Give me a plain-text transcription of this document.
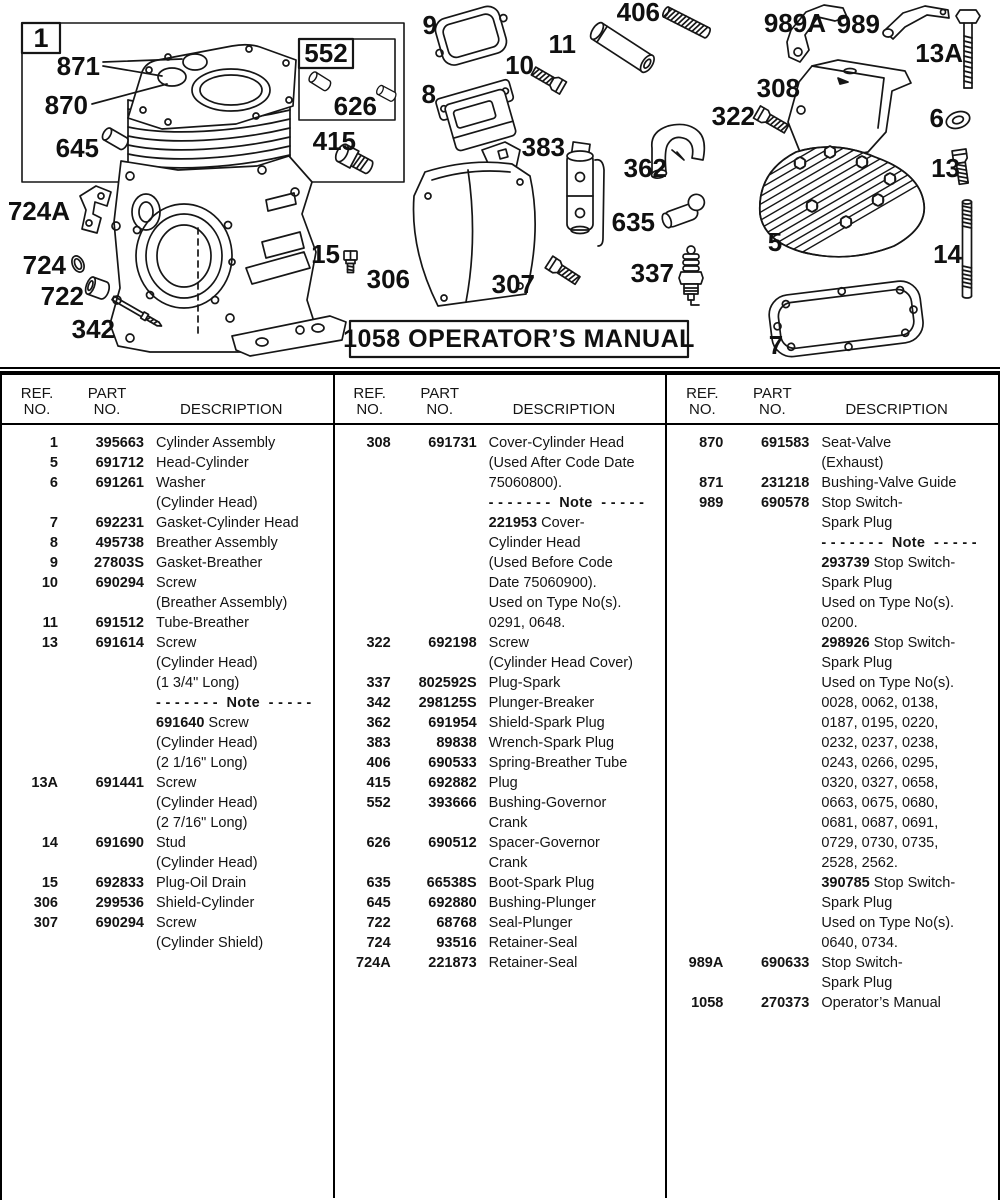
1
871
870
645
724A
724
722
342
552
626
415
15
9
10
8
11
406	989A 989
13A
308
322	6
13
362
635
337
383
306	307
5	14
7
1058 OPERATOR’S MANUAL
REF.
NO.
PART
NO.	DESCRIPTION
REF.
NO.
PART
NO.	DESCRIPTION
REF.
NO.
PART
NO.	DESCRIPTION
1	395663 Cylinder Assembly
5	691712 Head-Cylinder
6	691261 Washer
(Cylinder Head)
7	692231 Gasket-Cylinder Head
8	495738 Breather Assembly
9	27803S Gasket-Breather
10	690294 Screw
(Breather Assembly)
11	691512 Tube-Breather
13	691614 Screw
(Cylinder Head)
(1 3/4" Long)
- - - - - - -  Note  - - - - -
691640 Screw
(Cylinder Head)
(2 1/16" Long)
13A	691441 Screw
(Cylinder Head)
(2 7/16" Long)
14	691690 Stud
(Cylinder Head)
15	692833 Plug-Oil Drain
306	299536 Shield-Cylinder
307	690294 Screw
(Cylinder Shield)
308	691731 Cover-Cylinder Head
(Used After Code Date
75060800).
- - - - - - -  Note  - - - - -
221953 Cover-
Cylinder Head
(Used Before Code
Date 75060900).
Used on Type No(s).
0291, 0648.
322	692198 Screw
(Cylinder Head Cover)
337	802592S Plug-Spark
342	298125S Plunger-Breaker
362	691954 Shield-Spark Plug
383	89838 Wrench-Spark Plug
406	690533 Spring-Breather Tube
415	692882 Plug
552	393666 Bushing-Governor
Crank
626	690512 Spacer-Governor
Crank
635	66538S Boot-Spark Plug
645	692880 Bushing-Plunger
722	68768 Seal-Plunger
724	93516 Retainer-Seal
724A	221873 Retainer-Seal
870	691583 Seat-Valve
(Exhaust)
871	231218 Bushing-Valve Guide
989	690578 Stop Switch-
Spark Plug
- - - - - - -  Note  - - - - -
293739 Stop Switch-
Spark Plug
Used on Type No(s).
0200.
298926 Stop Switch-
Spark Plug
Used on Type No(s).
0028, 0062, 0138,
0187, 0195, 0220,
0232, 0237, 0238,
0243, 0266, 0295,
0320, 0327, 0658,
0663, 0675, 0680,
0681, 0687, 0691,
0729, 0730, 0735,
2528, 2562.
390785 Stop Switch-
Spark Plug
Used on Type No(s).
0640, 0734.
989A	690633 Stop Switch-
Spark Plug
1058	270373 Operator’s Manual
